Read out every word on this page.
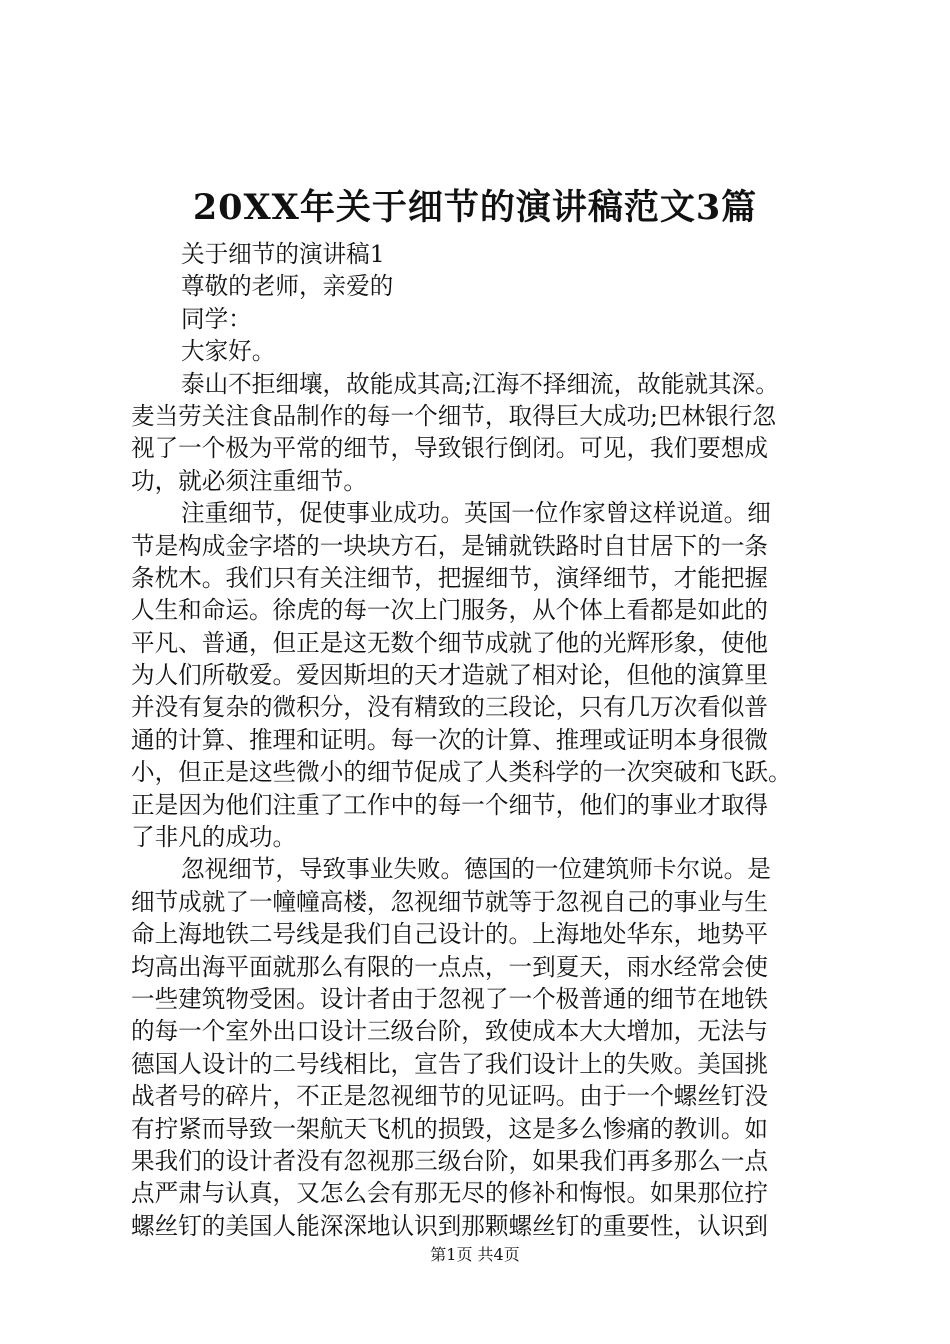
20XX年关于细节的演讲稿范文3篇
关于细节的演讲稿1
尊敬的老师，亲爱的
同学：
大家好。
泰山不拒细壤，故能成其高;江海不择细流，故能就其深。
麦当劳关注食品制作的每一个细节，取得巨大成功;巴林银行忽
视了一个极为平常的细节，导致银行倒闭。可见，我们要想成
功，就必须注重细节。
注重细节，促使事业成功。英国一位作家曾这样说道。细
节是构成金字塔的一块块方石，是铺就铁路时自甘居下的一条
条枕木。我们只有关注细节，把握细节，演绎细节，才能把握
人生和命运。徐虎的每一次上门服务，从个体上看都是如此的
平凡、普通，但正是这无数个细节成就了他的光辉形象，使他
为人们所敬爱。爱因斯坦的天才造就了相对论，但他的演算里
并没有复杂的微积分，没有精致的三段论，只有几万次看似普
通的计算、推理和证明。每一次的计算、推理或证明本身很微
小，但正是这些微小的细节促成了人类科学的一次突破和飞跃。
正是因为他们注重了工作中的每一个细节，他们的事业才取得
了非凡的成功。
忽视细节，导致事业失败。德国的一位建筑师卡尔说。是
细节成就了一幢幢高楼，忽视细节就等于忽视自己的事业与生
命上海地铁二号线是我们自己设计的。上海地处华东，地势平
均高出海平面就那么有限的一点点，一到夏天，雨水经常会使
一些建筑物受困。设计者由于忽视了一个极普通的细节在地铁
的每一个室外出口设计三级台阶，致使成本大大增加，无法与
德国人设计的二号线相比，宣告了我们设计上的失败。美国挑
战者号的碎片，不正是忽视细节的见证吗。由于一个螺丝钉没
有拧紧而导致一架航天飞机的损毁，这是多么惨痛的教训。如
果我们的设计者没有忽视那三级台阶，如果我们再多那么一点
点严肃与认真，又怎么会有那无尽的修补和悔恨。如果那位拧
螺丝钉的美国人能深深地认识到那颗螺丝钉的重要性，认识到
第1页 共4页
